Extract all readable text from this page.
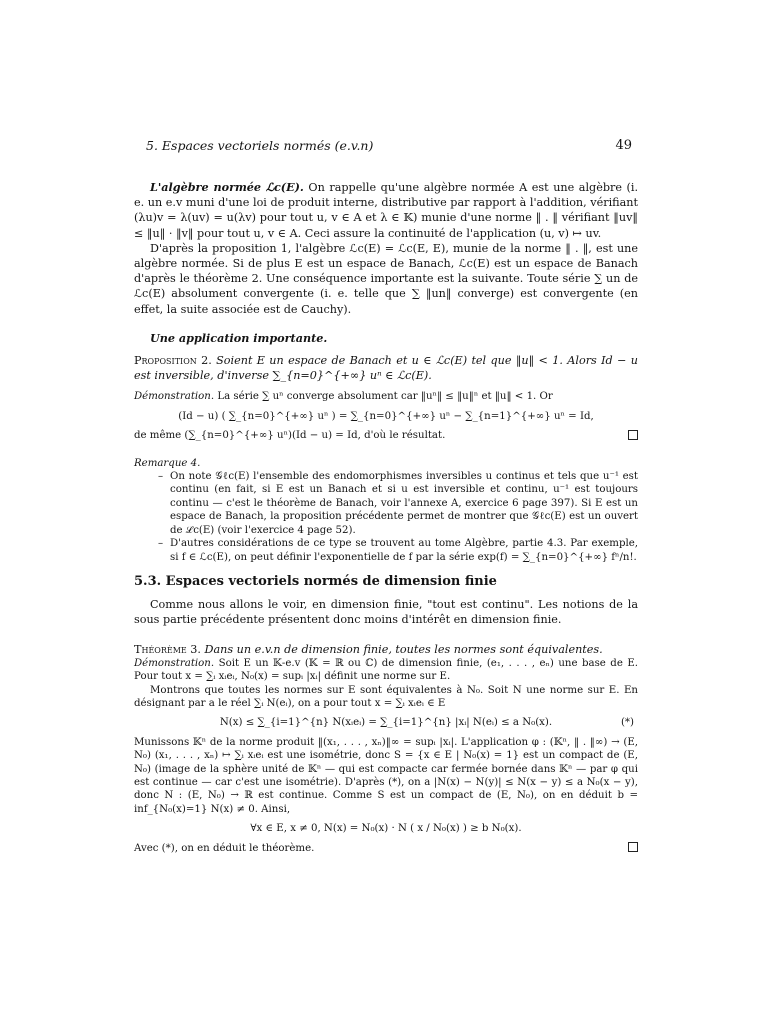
5. Espaces vectoriels normés (e.v.n)	49

L'algèbre normée ℒc(E). On rappelle qu'une algèbre normée A est une algèbre (i. e. un e.v muni d'une loi de produit interne, distributive par rapport à l'addition, vérifiant (λu)v = λ(uv) = u(λv) pour tout u, v ∈ A et λ ∈ 𝕂) munie d'une norme ‖ . ‖ vérifiant ‖uv‖ ≤ ‖u‖ · ‖v‖ pour tout u, v ∈ A. Ceci assure la continuité de l'application (u, v) ↦ uv.

D'après la proposition 1, l'algèbre ℒc(E) = ℒc(E, E), munie de la norme ‖ . ‖, est une algèbre normée. Si de plus E est un espace de Banach, ℒc(E) est un espace de Banach d'après le théorème 2. Une conséquence importante est la suivante. Toute série ∑ un de ℒc(E) absolument convergente (i. e. telle que ∑ ‖un‖ converge) est convergente (en effet, la suite associée est de Cauchy).

Une application importante.

Proposition 2. Soient E un espace de Banach et u ∈ ℒc(E) tel que ‖u‖ < 1. Alors Id − u est inversible, d'inverse ∑_{n=0}^{+∞} uⁿ ∈ ℒc(E).

Démonstration. La série ∑ uⁿ converge absolument car ‖uⁿ‖ ≤ ‖u‖ⁿ et ‖u‖ < 1. Or

(Id − u) ( ∑_{n=0}^{+∞} uⁿ ) = ∑_{n=0}^{+∞} uⁿ − ∑_{n=1}^{+∞} uⁿ = Id,

de même (∑_{n=0}^{+∞} uⁿ)(Id − u) = Id, d'où le résultat.

Remarque 4.

– On note 𝒢ℓc(E) l'ensemble des endomorphismes inversibles u continus et tels que u⁻¹ est continu (en fait, si E est un Banach et si u est inversible et continu, u⁻¹ est toujours continu — c'est le théorème de Banach, voir l'annexe A, exercice 6 page 397). Si E est un espace de Banach, la proposition précédente permet de montrer que 𝒢ℓc(E) est un ouvert de ℒc(E) (voir l'exercice 4 page 52).

– D'autres considérations de ce type se trouvent au tome Algèbre, partie 4.3. Par exemple, si f ∈ ℒc(E), on peut définir l'exponentielle de f par la série exp(f) = ∑_{n=0}^{+∞} fⁿ/n!.

5.3. Espaces vectoriels normés de dimension finie

Comme nous allons le voir, en dimension finie, "tout est continu". Les notions de la sous partie précédente présentent donc moins d'intérêt en dimension finie.

Théorème 3. Dans un e.v.n de dimension finie, toutes les normes sont équivalentes.

Démonstration. Soit E un 𝕂-e.v (𝕂 = ℝ ou ℂ) de dimension finie, (e₁, . . . , eₙ) une base de E. Pour tout x = ∑ᵢ xᵢeᵢ, N₀(x) = supᵢ |xᵢ| définit une norme sur E.

Montrons que toutes les normes sur E sont équivalentes à N₀. Soit N une norme sur E. En désignant par a le réel ∑ᵢ N(eᵢ), on a pour tout x = ∑ᵢ xᵢeᵢ ∈ E

N(x) ≤ ∑_{i=1}^{n} N(xᵢeᵢ) = ∑_{i=1}^{n} |xᵢ| N(eᵢ) ≤ a N₀(x).	(*)

Munissons 𝕂ⁿ de la norme produit ‖(x₁, . . . , xₙ)‖∞ = supᵢ |xᵢ|. L'application φ : (𝕂ⁿ, ‖ . ‖∞) → (E, N₀) (x₁, . . . , xₙ) ↦ ∑ᵢ xᵢeᵢ est une isométrie, donc S = {x ∈ E | N₀(x) = 1} est un compact de (E, N₀) (image de la sphère unité de 𝕂ⁿ — qui est compacte car fermée bornée dans 𝕂ⁿ — par φ qui est continue — car c'est une isométrie). D'après (*), on a |N(x) − N(y)| ≤ N(x − y) ≤ a N₀(x − y), donc N : (E, N₀) → ℝ est continue. Comme S est un compact de (E, N₀), on en déduit b = inf_{N₀(x)=1} N(x) ≠ 0. Ainsi,

∀x ∈ E, x ≠ 0, N(x) = N₀(x) · N ( x / N₀(x) ) ≥ b N₀(x).

Avec (*), on en déduit le théorème.
